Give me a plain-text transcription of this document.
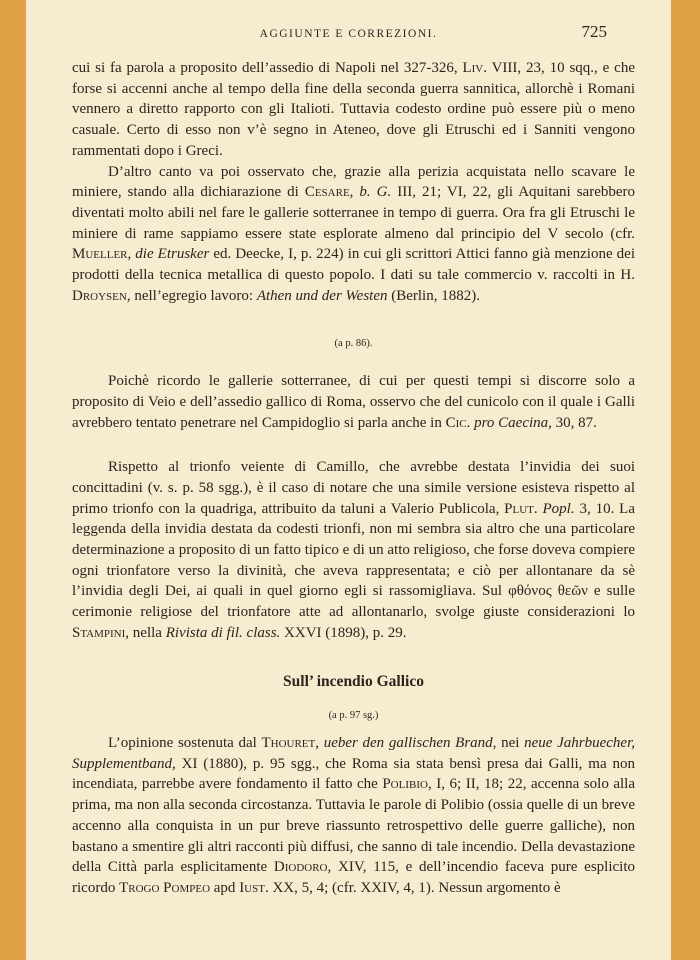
AGGIUNTE E CORREZIONI.	725

cui si fa parola a proposito dell’assedio di Napoli nel 327-326, Liv. VIII, 23, 10 sqq., e che forse si accenni anche al tempo della fine della seconda guerra sannitica, allorchè i Romani vennero a diretto rapporto con gli Italioti. Tuttavia codesto ordine può essere più o meno casuale. Certo di esso non v’è segno in Ateneo, dove gli Etruschi ed i Sanniti vengono rammentati dopo i Greci.

D’altro canto va poi osservato che, grazie alla perizia acquistata nello scavare le miniere, stando alla dichiarazione di Cesare, b. G. III, 21; VI, 22, gli Aquitani sarebbero diventati molto abili nel fare le gallerie sotterranee in tempo di guerra. Ora fra gli Etruschi le miniere di rame sappiamo essere state esplorate almeno dal principio del V secolo (cfr. Mueller, die Etrusker ed. Deecke, I, p. 224) in cui gli scrittori Attici fanno già menzione dei prodotti della tecnica metallica di questo popolo. I dati su tale commercio v. raccolti in H. Droysen, nell’egregio lavoro: Athen und der Westen (Berlin, 1882).

(a p. 86).

Poichè ricordo le gallerie sotterranee, di cui per questi tempi si discorre solo a proposito di Veio e dell’assedio gallico di Roma, osservo che del cunicolo con il quale i Galli avrebbero tentato penetrare nel Campidoglio si parla anche in Cic. pro Caecina, 30, 87.

Rispetto al trionfo veiente di Camillo, che avrebbe destata l’invidia dei suoi concittadini (v. s. p. 58 sgg.), è il caso di notare che una simile versione esisteva rispetto al primo trionfo con la quadriga, attribuito da taluni a Valerio Publicola, Plut. Popl. 3, 10. La leggenda della invidia destata da codesti trionfi, non mi sembra sia altro che una particolare determinazione a proposito di un fatto tipico e di un atto religioso, che forse doveva compiere ogni trionfatore verso la divinità, che aveva rappresentata; e ciò per allontanare da sè l’invidia degli Dei, ai quali in quel giorno egli si rassomigliava. Sul φθόνος θεῶν e sulle cerimonie religiose del trionfatore atte ad allontanarlo, svolge giuste considerazioni lo Stampini, nella Rivista di fil. class. XXVI (1898), p. 29.

Sull’ incendio Gallico

(a p. 97 sg.)

L’opinione sostenuta dal Thouret, ueber den gallischen Brand, nei neue Jahrbuecher, Supplementband, XI (1880), p. 95 sgg., che Roma sia stata bensì presa dai Galli, ma non incendiata, parrebbe avere fondamento il fatto che Polibio, I, 6; II, 18; 22, accenna solo alla prima, ma non alla seconda circostanza. Tuttavia le parole di Polibio (ossia quelle di un breve accenno alla conquista in un pur breve riassunto retrospettivo delle guerre galliche), non bastano a smentire gli altri racconti più diffusi, che sanno di tale incendio. Della devastazione della Città parla esplicitamente Diodoro, XIV, 115, e dell’incendio faceva pure esplicito ricordo Trogo Pompeo apd Iust. XX, 5, 4; (cfr. XXIV, 4, 1). Nessun argomento è
